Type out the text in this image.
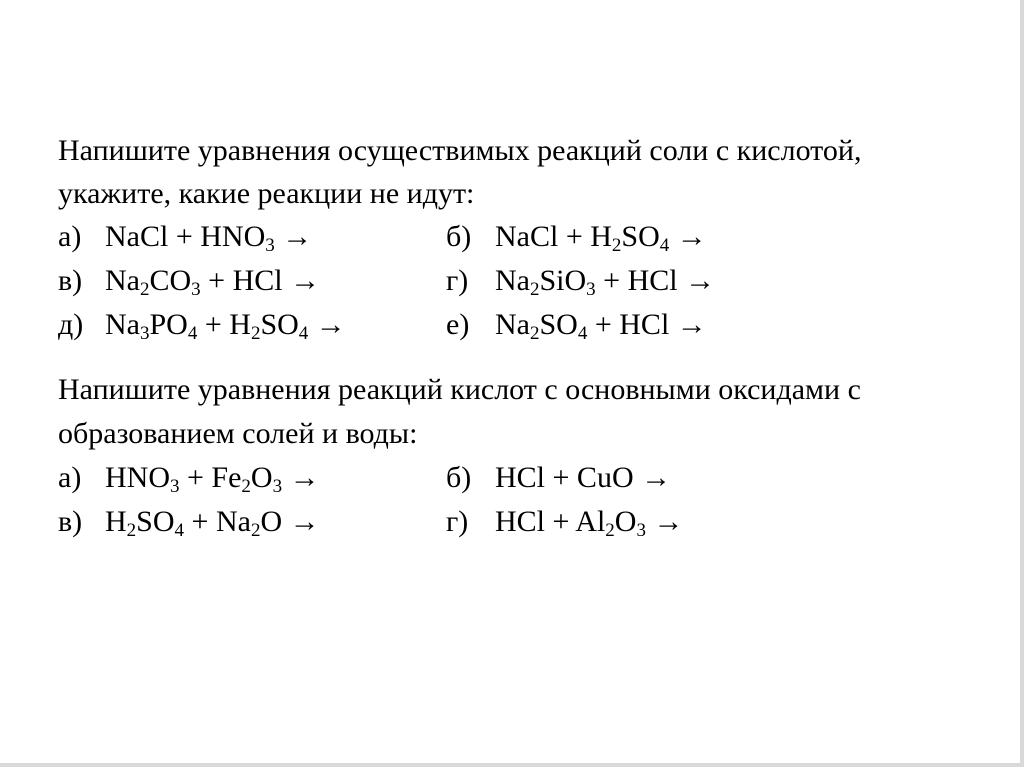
Напишите уравнения осуществимых реакций соли с кислотой,
укажите, какие реакции не идут:
а) NaCl + $HNO_3$ →	б) NaCl + $H_2SO_4$ →
в) $Na_2CO_3$ + HCl →	г) $Na_2SiO_3$ + HCl →
д) $Na_3PO_4 + H_2SO_4$ →	е) $Na_2SO_4$ + HCl →
Напишите уравнения реакций кислот с основными оксидами с
образованием солей и воды:
а) $HNO_3 + Fe_2O_3$ →	б) HCl + CuO →
в) $H_2SO_4 + Na_2O$ →	г) HCl + $Al_2O_3$ →
